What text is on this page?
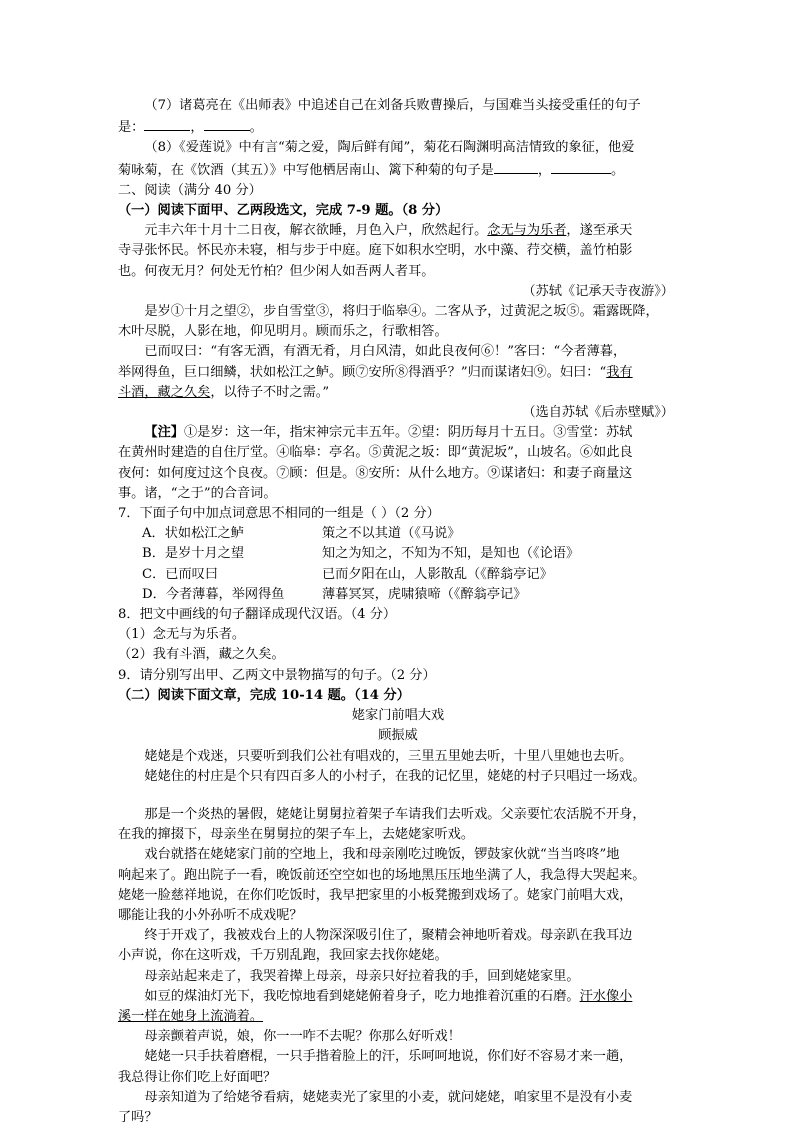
（7）诸葛亮在《出师表》中追述自己在刘备兵败曹操后，与国难当头接受重任的句子

是：	，	。

（8）《爱莲说》中有言“菊之爱，陶后鲜有闻”，菊花石陶渊明高洁情致的象征，他爱

菊咏菊，在《饮酒（其五）》中写他栖居南山、篱下种菊的句子是	，	。

二、阅读（满分 40 分）

（一）阅读下面甲、乙两段选文，完成 7-9 题。（8 分）

元丰六年十月十二日夜，解衣欲睡，月色入户，欣然起行。念无与为乐者，遂至承天

寺寻张怀民。怀民亦未寝，相与步于中庭。庭下如积水空明，水中藻、荇交横，盖竹柏影

也。何夜无月？何处无竹柏？但少闲人如吾两人者耳。

（苏轼《记承天寺夜游》）

是岁①十月之望②，步自雪堂③，将归于临皋④。二客从予，过黄泥之坂⑤。霜露既降，

木叶尽脱，人影在地，仰见明月。顾而乐之，行歌相答。

已而叹曰：“有客无酒，有酒无肴，月白风清，如此良夜何⑥！”客曰：“今者薄暮，

举网得鱼，巨口细鳞，状如松江之鲈。顾⑦安所⑧得酒乎？”归而谋诸妇⑨。妇曰：“我有

斗酒，藏之久矣，以待子不时之需。”

（选自苏轼《后赤壁赋》）

【注】①是岁：这一年，指宋神宗元丰五年。②望：阴历每月十五日。③雪堂：苏轼

在黄州时建造的自住厅堂。④临皋：亭名。⑤黄泥之坂：即“黄泥坂”，山坡名。⑥如此良

夜何：如何度过这个良夜。⑦顾：但是。⑧安所：从什么地方。⑨谋诸妇：和妻子商量这

事。诸，“之于”的合音词。

7．下面子句中加点词意思不相同的一组是（ ）（2 分）

A．状如松江之鲈	策之不以其道（《马说》

B．是岁十月之望	知之为知之，不知为不知，是知也（《论语》

C．已而叹曰	已而夕阳在山，人影散乱（《醉翁亭记》

D．今者薄暮，举网得鱼	薄暮冥冥，虎啸猿啼（《醉翁亭记》

8．把文中画线的句子翻译成现代汉语。（4 分）

（1）念无与为乐者。

（2）我有斗酒，藏之久矣。

9．请分别写出甲、乙两文中景物描写的句子。（2 分）

（二）阅读下面文章，完成 10-14 题。（14 分）

姥家门前唱大戏

顾振威

姥姥是个戏迷，只要听到我们公社有唱戏的，三里五里她去听，十里八里她也去听。

姥姥住的村庄是个只有四百多人的小村子，在我的记忆里，姥姥的村子只唱过一场戏。

那是一个炎热的暑假，姥姥让舅舅拉着架子车请我们去听戏。父亲要忙农活脱不开身，

在我的撺掇下，母亲坐在舅舅拉的架子车上，去姥姥家听戏。

戏台就搭在姥姥家门前的空地上，我和母亲刚吃过晚饭，锣鼓家伙就“当当咚咚”地

响起来了。跑出院子一看，晚饭前还空空如也的场地黑压压地坐满了人，我急得大哭起来。

姥姥一脸慈祥地说，在你们吃饭时，我早把家里的小板凳搬到戏场了。姥家门前唱大戏，

哪能让我的小外孙听不成戏呢？

终于开戏了，我被戏台上的人物深深吸引住了，聚精会神地听着戏。母亲趴在我耳边

小声说，你在这听戏，千万别乱跑，我回家去找你姥姥。

母亲站起来走了，我哭着撵上母亲，母亲只好拉着我的手，回到姥姥家里。

如豆的煤油灯光下，我吃惊地看到姥姥俯着身子，吃力地推着沉重的石磨。汗水像小

溪一样在她身上流淌着。

母亲颤着声说，娘，你一一咋不去呢？你那么好听戏！

姥姥一只手扶着磨棍，一只手揩着脸上的汗，乐呵呵地说，你们好不容易才来一趟，

我总得让你们吃上好面吧？

母亲知道为了给姥爷看病，姥姥卖光了家里的小麦，就问姥姥，咱家里不是没有小麦

了吗？
